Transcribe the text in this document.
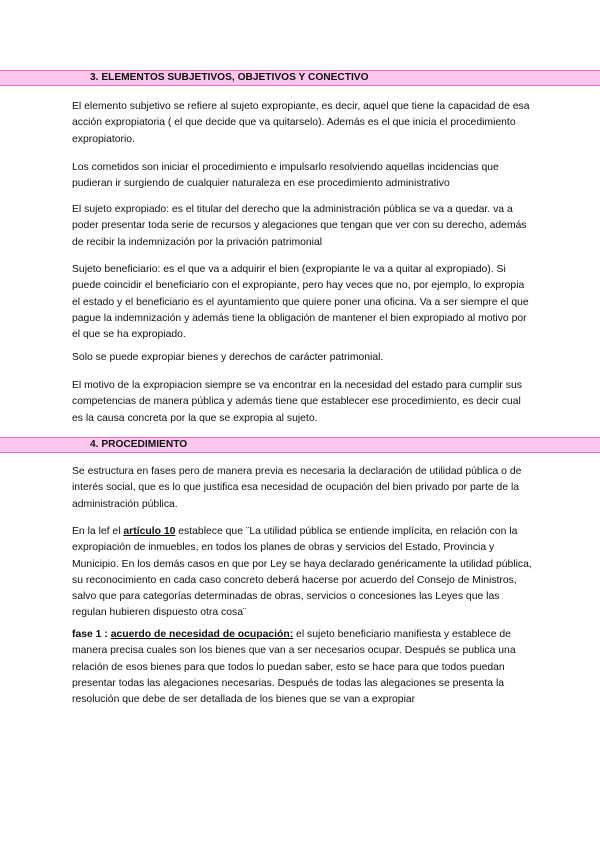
3. ELEMENTOS SUBJETIVOS, OBJETIVOS Y CONECTIVO

El elemento subjetivo se refiere al sujeto expropiante, es decir, aquel que tiene la capacidad de esa acción expropiatoria ( el que decide que va quitarselo). Además es el que inicia el procedimiento expropiatorio.

Los cometidos son iniciar el procedimiento e impulsarlo resolviendo aquellas incidencias que pudieran ir surgiendo de cualquier naturaleza en ese procedimiento administrativo

El sujeto expropiado: es el titular del derecho que la administración pública se va a quedar. va a poder presentar toda serie de recursos y alegaciones que tengan que ver con su derecho, además de recibir la indemnización por la privación patrimonial

Sujeto beneficiario: es el que va a adquirir el bien (expropiante le va a quitar al expropiado). Si puede coincidir el beneficiario con el expropiante, pero hay veces que no, por ejemplo, lo expropia el estado y el beneficiario es el ayuntamiento que quiere poner una oficina. Va a ser siempre el que pague la indemnización y además tiene la obligación de mantener el bien expropiado al motivo por el que se ha expropiado.

Solo se puede expropiar bienes y derechos de carácter patrimonial.

El motivo de la expropiacion siempre se va encontrar en la necesidad del estado para cumplir sus competencias de manera pública y además tiene que establecer ese procedimiento, es decir cual es la causa concreta por la que se expropia al sujeto.

4. PROCEDIMIENTO

Se estructura en fases pero de manera previa es necesaria la declaración de utilidad pública o de interés social, que es lo que justifica esa necesidad de ocupación del bien privado por parte de la administración pública.

En la lef el artículo 10 establece que ¨La utilidad pública se entiende implícita, en relación con la expropiación de inmuebles, en todos los planes de obras y servicios del Estado, Provincia y Municipio. En los demás casos en que por Ley se haya declarado genéricamente la utilidad pública, su reconocimiento en cada caso concreto deberá hacerse por acuerdo del Consejo de Ministros, salvo que para categorías determinadas de obras, servicios o concesiones las Leyes que las regulan hubieren dispuesto otra cosa¨

fase 1 : acuerdo de necesidad de ocupación: el sujeto beneficiario manifiesta y establece de manera precisa cuales son los bienes que van a ser necesarios ocupar. Después se publica una relación de esos bienes para que todos lo puedan saber, esto se hace para que todos puedan presentar todas las alegaciones necesarias. Después de todas las alegaciones se presenta la resolución que debe de ser detallada de los bienes que se van a expropiar
